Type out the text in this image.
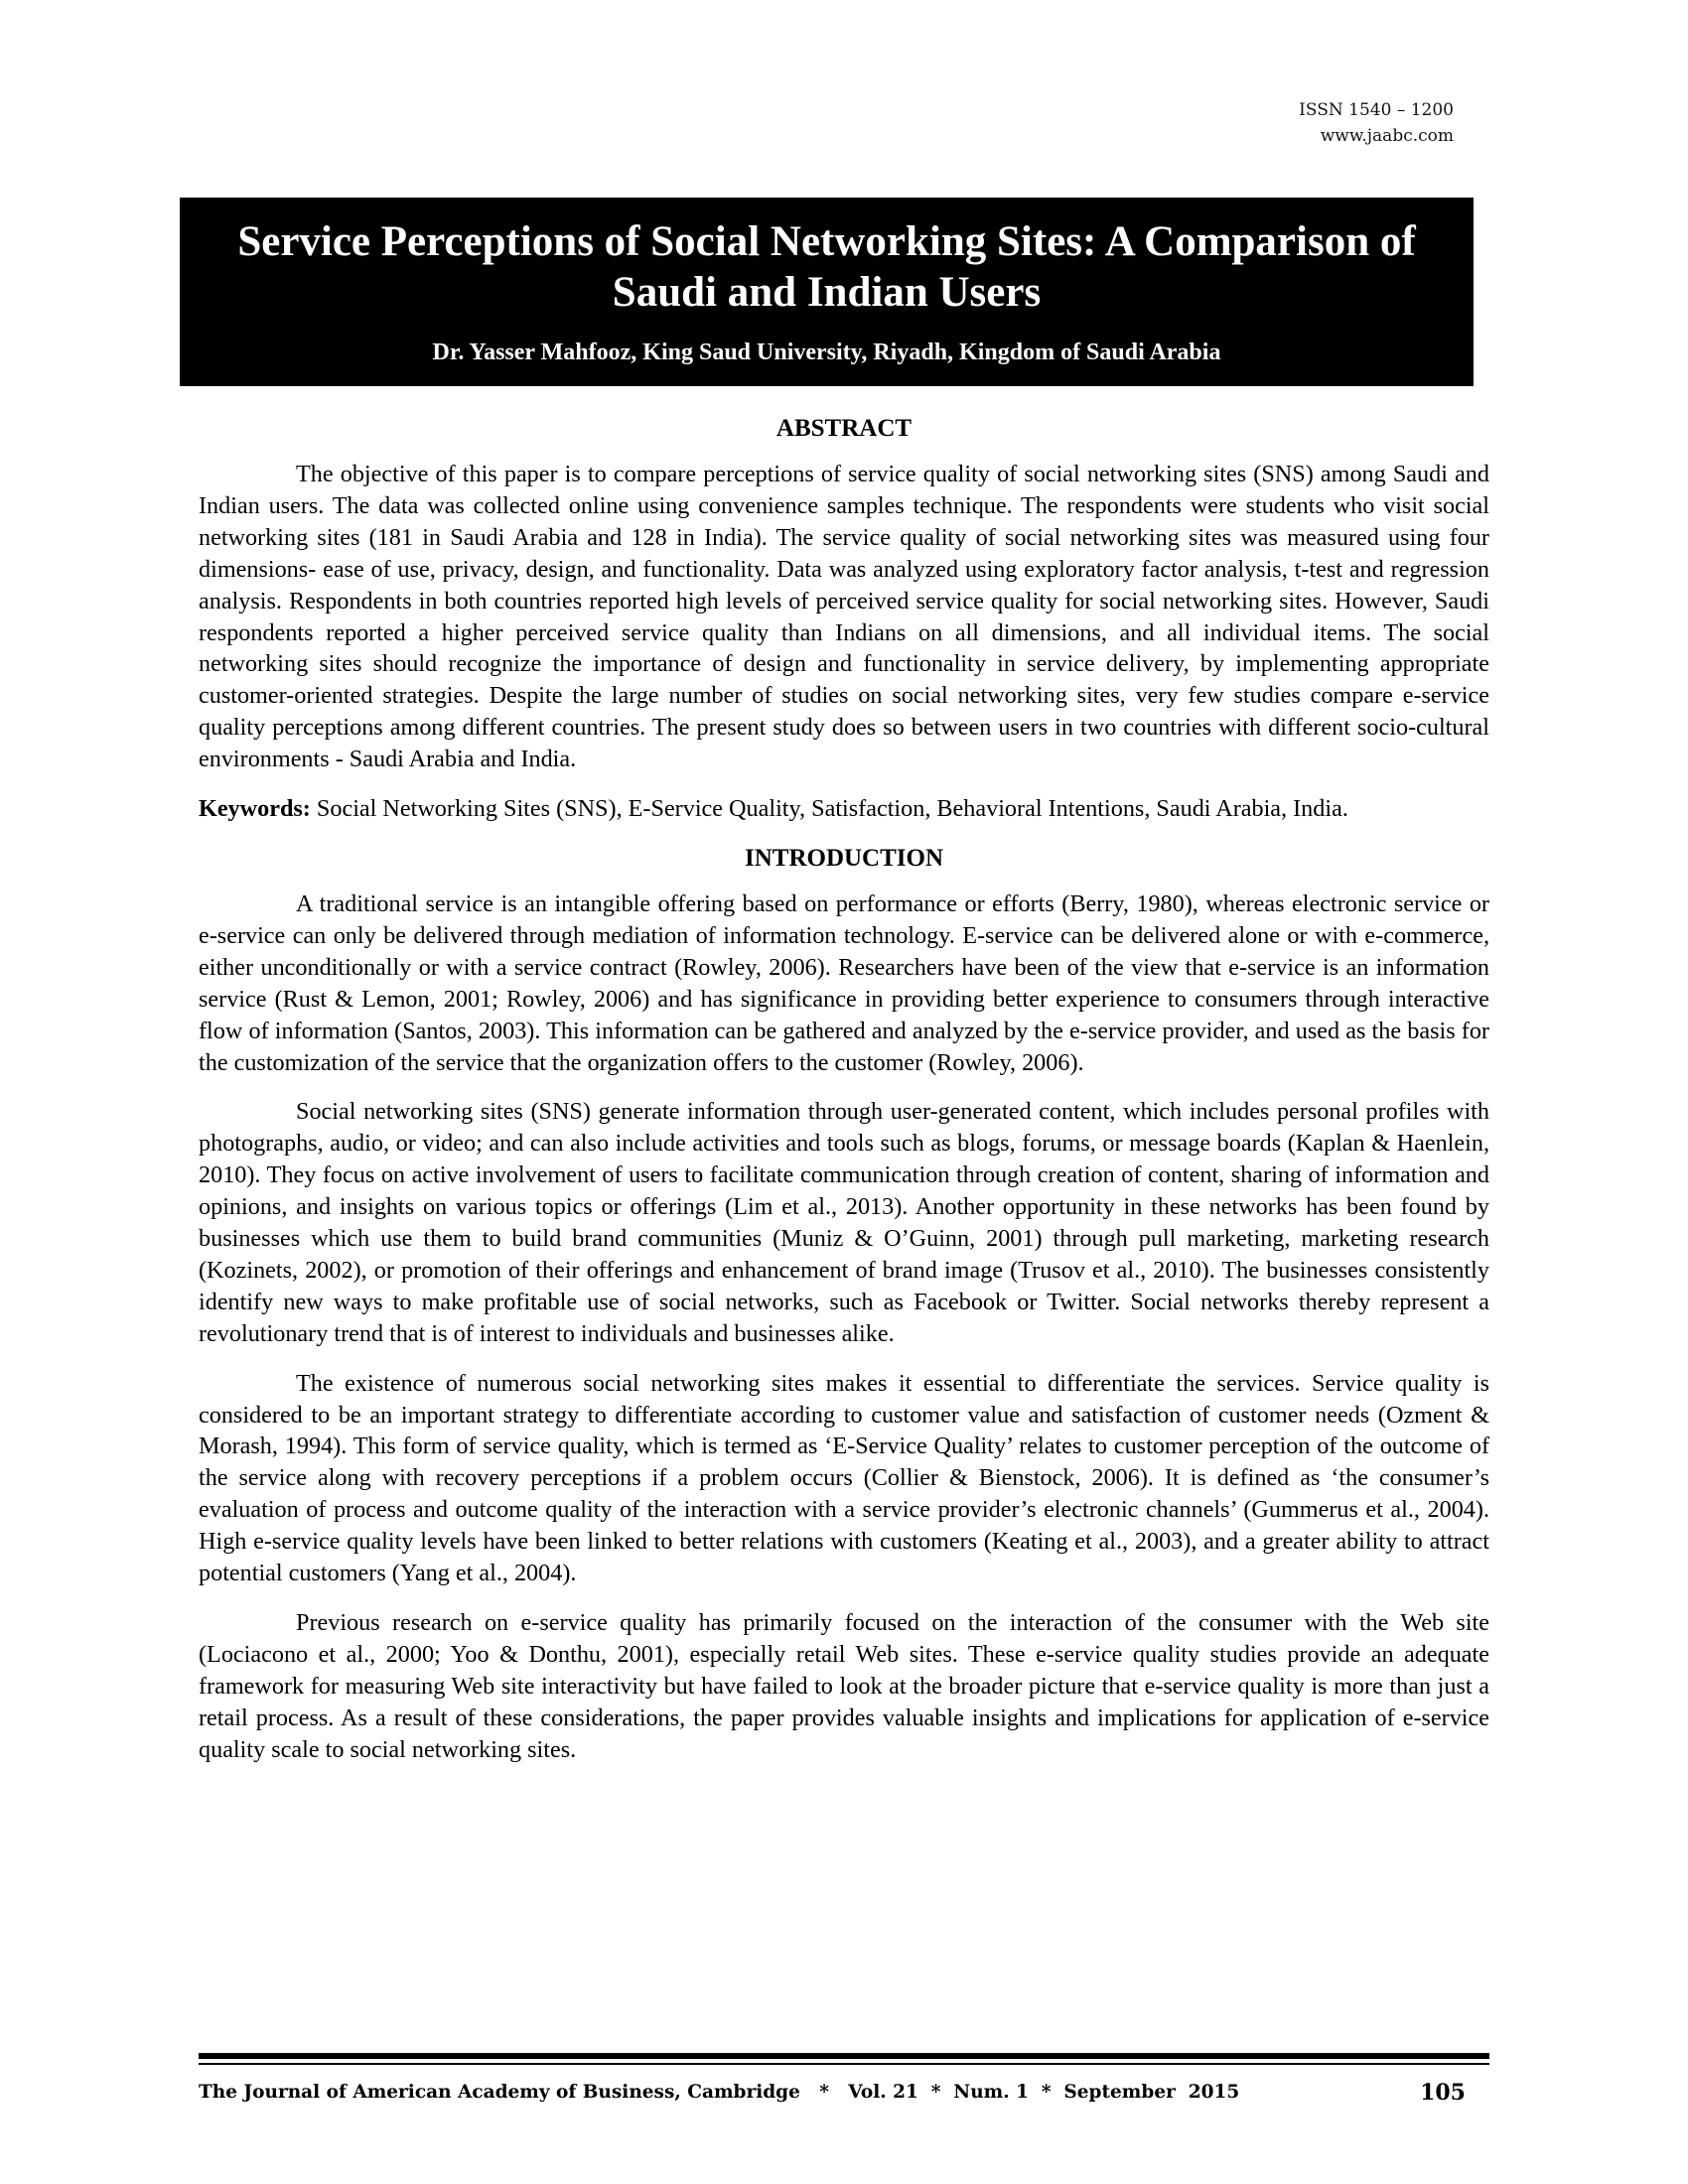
ISSN 1540 – 1200
www.jaabc.com
Service Perceptions of Social Networking Sites: A Comparison of Saudi and Indian Users
Dr. Yasser Mahfooz, King Saud University, Riyadh, Kingdom of Saudi Arabia
ABSTRACT

The objective of this paper is to compare perceptions of service quality of social networking sites (SNS) among Saudi and Indian users. The data was collected online using convenience samples technique. The respondents were students who visit social networking sites (181 in Saudi Arabia and 128 in India). The service quality of social networking sites was measured using four dimensions- ease of use, privacy, design, and functionality. Data was analyzed using exploratory factor analysis, t-test and regression analysis. Respondents in both countries reported high levels of perceived service quality for social networking sites. However, Saudi respondents reported a higher perceived service quality than Indians on all dimensions, and all individual items. The social networking sites should recognize the importance of design and functionality in service delivery, by implementing appropriate customer-oriented strategies. Despite the large number of studies on social networking sites, very few studies compare e-service quality perceptions among different countries. The present study does so between users in two countries with different socio-cultural environments - Saudi Arabia and India.

Keywords: Social Networking Sites (SNS), E-Service Quality, Satisfaction, Behavioral Intentions, Saudi Arabia, India.

INTRODUCTION

A traditional service is an intangible offering based on performance or efforts (Berry, 1980), whereas electronic service or e-service can only be delivered through mediation of information technology. E-service can be delivered alone or with e-commerce, either unconditionally or with a service contract (Rowley, 2006). Researchers have been of the view that e-service is an information service (Rust & Lemon, 2001; Rowley, 2006) and has significance in providing better experience to consumers through interactive flow of information (Santos, 2003). This information can be gathered and analyzed by the e-service provider, and used as the basis for the customization of the service that the organization offers to the customer (Rowley, 2006).

Social networking sites (SNS) generate information through user-generated content, which includes personal profiles with photographs, audio, or video; and can also include activities and tools such as blogs, forums, or message boards (Kaplan & Haenlein, 2010). They focus on active involvement of users to facilitate communication through creation of content, sharing of information and opinions, and insights on various topics or offerings (Lim et al., 2013). Another opportunity in these networks has been found by businesses which use them to build brand communities (Muniz & O’Guinn, 2001) through pull marketing, marketing research (Kozinets, 2002), or promotion of their offerings and enhancement of brand image (Trusov et al., 2010). The businesses consistently identify new ways to make profitable use of social networks, such as Facebook or Twitter. Social networks thereby represent a revolutionary trend that is of interest to individuals and businesses alike.

The existence of numerous social networking sites makes it essential to differentiate the services. Service quality is considered to be an important strategy to differentiate according to customer value and satisfaction of customer needs (Ozment & Morash, 1994). This form of service quality, which is termed as ‘E-Service Quality’ relates to customer perception of the outcome of the service along with recovery perceptions if a problem occurs (Collier & Bienstock, 2006). It is defined as ‘the consumer’s evaluation of process and outcome quality of the interaction with a service provider’s electronic channels’ (Gummerus et al., 2004). High e-service quality levels have been linked to better relations with customers (Keating et al., 2003), and a greater ability to attract potential customers (Yang et al., 2004).

Previous research on e-service quality has primarily focused on the interaction of the consumer with the Web site (Lociacono et al., 2000; Yoo & Donthu, 2001), especially retail Web sites. These e-service quality studies provide an adequate framework for measuring Web site interactivity but have failed to look at the broader picture that e-service quality is more than just a retail process. As a result of these considerations, the paper provides valuable insights and implications for application of e-service quality scale to social networking sites.

The Journal of American Academy of Business, Cambridge   *   Vol. 21  *  Num. 1  *  September  2015	105
